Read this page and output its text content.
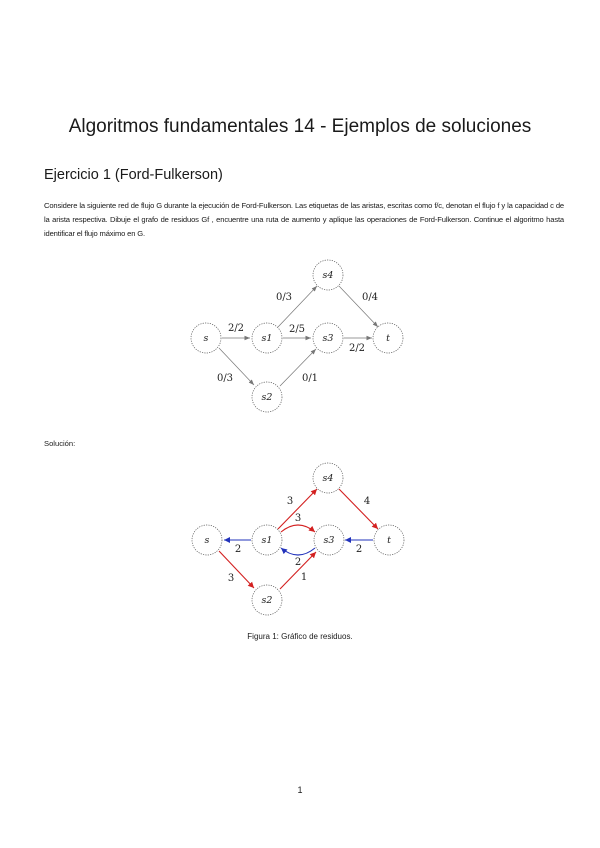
Algoritmos fundamentales 14 - Ejemplos de soluciones
Ejercicio 1 (Ford-Fulkerson)

Considere la siguiente red de flujo G durante la ejecución de Ford-Fulkerson. Las etiquetas de las aristas, escritas como f/c, denotan el flujo f y la capacidad c de la arista respectiva. Dibuje el grafo de residuos Gf , encuentre una ruta de aumento y aplique las operaciones de Ford-Fulkerson. Continue el algoritmo hasta identificar el flujo máximo en G.

Solución:

Figura 1: Gráfico de residuos.

1

2/2
0/3
2/5
0/3
0/1
2/2
0/4
s	s1
s2
s3
s4
t
2
3
3
3
2
1
4
2
s	s1
s2
s3
s4
t
